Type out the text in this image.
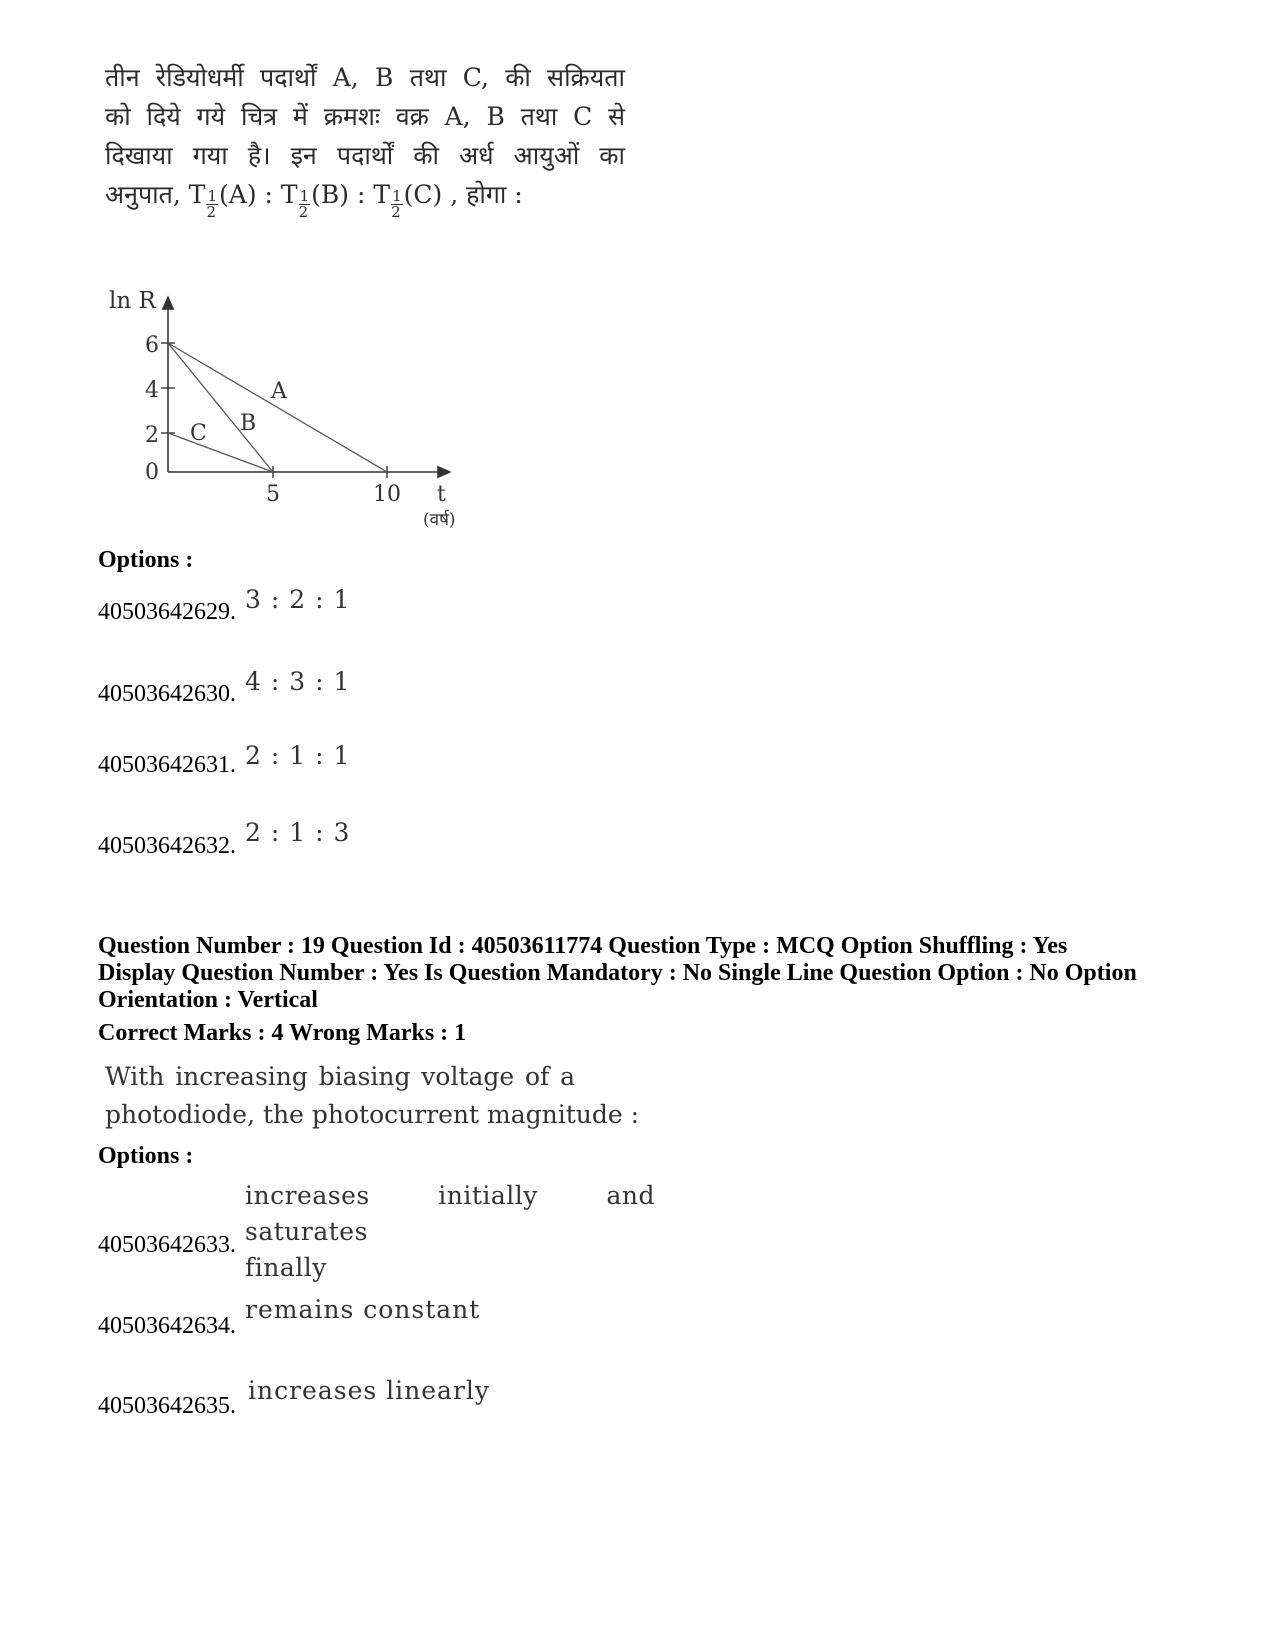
तीन रेडियोधर्मी पदार्थों A, B तथा C, की सक्रियता
को दिये गये चित्र में क्रमशः वक्र A, B तथा C से
दिखाया गया है। इन पदार्थों की अर्ध आयुओं का
अनुपात, T $\frac{1}{2} (A)$ : T $\frac{1}{2} (B)$ : T $\frac{1}{2} (C)$ , होगा :
ln R
6
4
2
0
5	10 t
(वर्ष)
A
B
C
Options :
40503642629. 3 : 2 : 1
40503642630. 4 : 3 : 1
40503642631. 2 : 1 : 1
40503642632. 2 : 1 : 3
Question Number : 19 Question Id : 40503611774 Question Type : MCQ Option Shuffling : Yes
Display Question Number : Yes Is Question Mandatory : No Single Line Question Option : No Option
Orientation : Vertical
Correct Marks : 4 Wrong Marks : 1
With increasing biasing voltage of a
photodiode, the photocurrent magnitude :
Options :
40503642633.
increases initially and saturates
finally
40503642634.
remains constant
40503642635.
increases linearly
